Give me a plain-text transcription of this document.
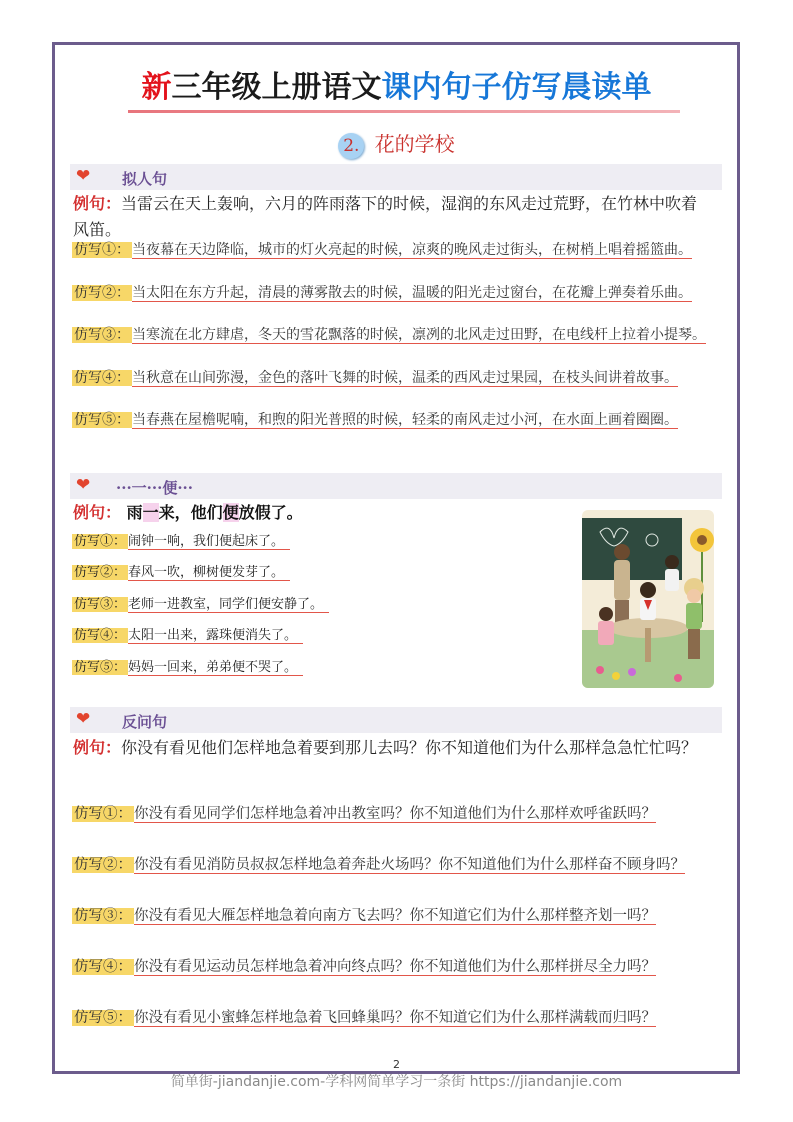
新三年级上册语文课内句子仿写晨读单
2. 花的学校
❤ 拟人句
例句：当雷云在天上轰响，六月的阵雨落下的时候，湿润的东风走过荒野，在竹林中吹着风笛。
仿写①： 当夜幕在天边降临，城市的灯火亮起的时候，凉爽的晚风走过街头，在树梢上唱着摇篮曲。
仿写②： 当太阳在东方升起，清晨的薄雾散去的时候，温暖的阳光走过窗台，在花瓣上弹奏着乐曲。
仿写③： 当寒流在北方肆虐，冬天的雪花飘落的时候，凛冽的北风走过田野，在电线杆上拉着小提琴。
仿写④： 当秋意在山间弥漫，金色的落叶飞舞的时候，温柔的西风走过果园，在枝头间讲着故事。
仿写⑤： 当春燕在屋檐呢喃，和煦的阳光普照的时候，轻柔的南风走过小河，在水面上画着圈圈。
❤ ···一···便···
例句： 雨一来，他们便放假了。
仿写①： 闹钟一响，我们便起床了。
仿写②： 春风一吹，柳树便发芽了。
仿写③： 老师一进教室，同学们便安静了。
仿写④： 太阳一出来，露珠便消失了。
仿写⑤： 妈妈一回来，弟弟便不哭了。
❤ 反问句
例句：你没有看见他们怎样地急着要到那儿去吗？你不知道他们为什么那样急急忙忙吗？
仿写①： 你没有看见同学们怎样地急着冲出教室吗？你不知道他们为什么那样欢呼雀跃吗？
仿写②： 你没有看见消防员叔叔怎样地急着奔赴火场吗？你不知道他们为什么那样奋不顾身吗？
仿写③： 你没有看见大雁怎样地急着向南方飞去吗？你不知道它们为什么那样整齐划一吗？
仿写④： 你没有看见运动员怎样地急着冲向终点吗？你不知道他们为什么那样拼尽全力吗？
仿写⑤： 你没有看见小蜜蜂怎样地急着飞回蜂巢吗？你不知道它们为什么那样满载而归吗？
2
简单街-jiandanjie.com-学科网简单学习一条街 https://jiandanjie.com
